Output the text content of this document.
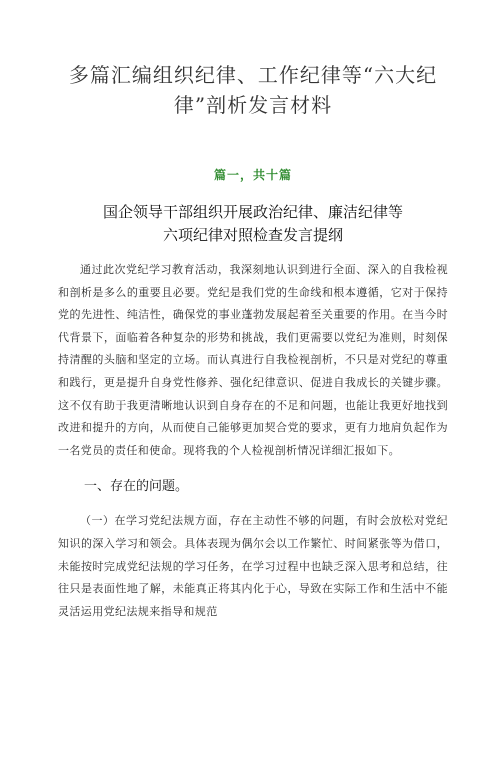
多篇汇编组织纪律、工作纪律等“六大纪
律”剖析发言材料
篇一，共十篇
国企领导干部组织开展政治纪律、廉洁纪律等
六项纪律对照检查发言提纲

通过此次党纪学习教育活动，我深刻地认识到进行全面、深入的自我检视和剖析是多么的重要且必要。党纪是我们党的生命线和根本遵循，它对于保持党的先进性、纯洁性，确保党的事业蓬勃发展起着至关重要的作用。在当今时代背景下，面临着各种复杂的形势和挑战，我们更需要以党纪为准则，时刻保持清醒的头脑和坚定的立场。而认真进行自我检视剖析，不只是对党纪的尊重和践行，更是提升自身党性修养、强化纪律意识、促进自我成长的关键步骤。这不仅有助于我更清晰地认识到自身存在的不足和问题，也能让我更好地找到改进和提升的方向，从而使自己能够更加契合党的要求，更有力地肩负起作为一名党员的责任和使命。现将我的个人检视剖析情况详细汇报如下。

一、存在的问题。

（一）在学习党纪法规方面，存在主动性不够的问题，有时会放松对党纪知识的深入学习和领会。具体表现为偶尔会以工作繁忙、时间紧张等为借口，未能按时完成党纪法规的学习任务，在学习过程中也缺乏深入思考和总结，往往只是表面性地了解，未能真正将其内化于心，导致在实际工作和生活中不能灵活运用党纪法规来指导和规范
